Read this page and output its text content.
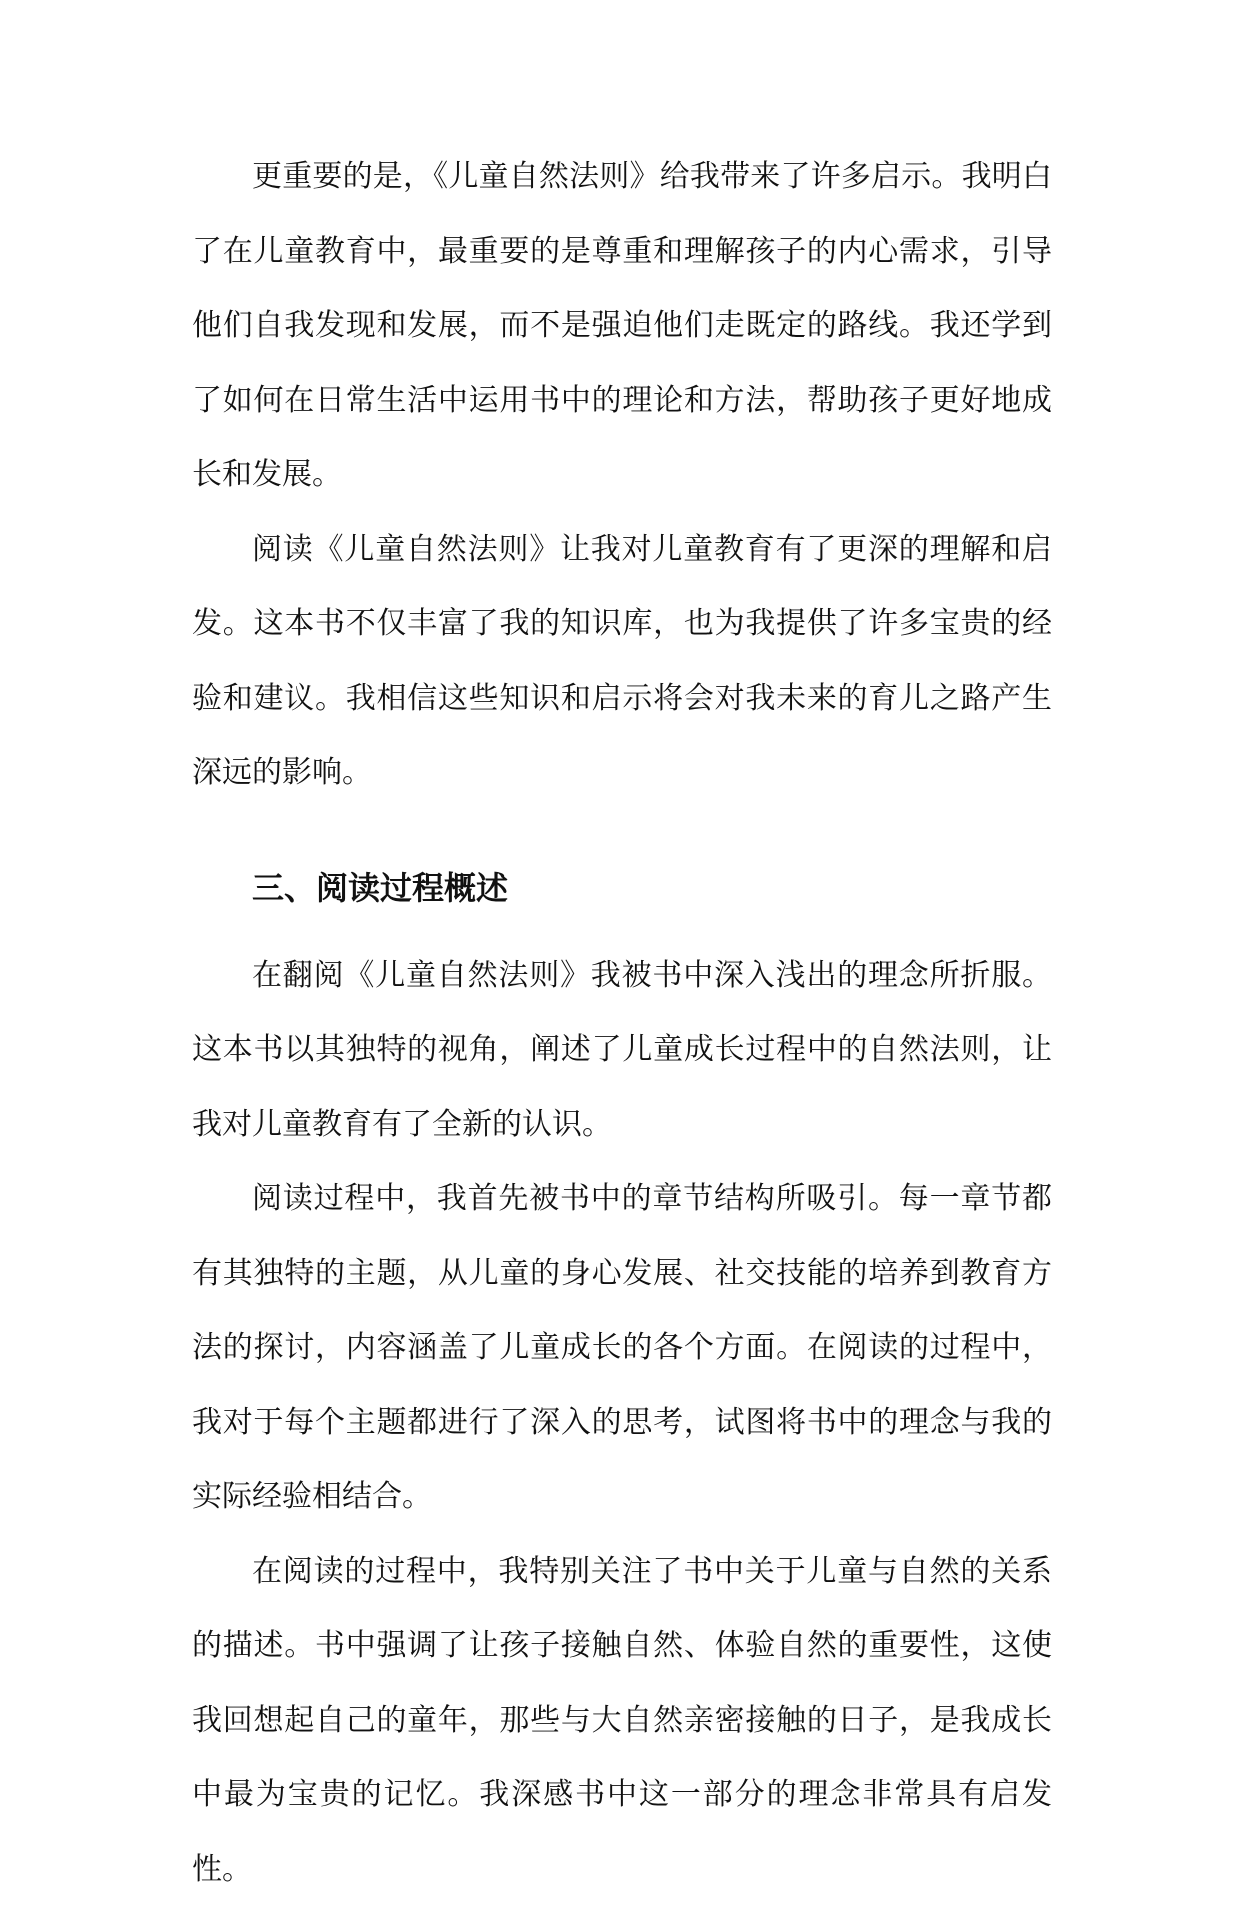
更重要的是，《儿童自然法则》给我带来了许多启示。我明白了在儿童教育中，最重要的是尊重和理解孩子的内心需求，引导他们自我发现和发展，而不是强迫他们走既定的路线。我还学到了如何在日常生活中运用书中的理论和方法，帮助孩子更好地成长和发展。

阅读《儿童自然法则》让我对儿童教育有了更深的理解和启发。这本书不仅丰富了我的知识库，也为我提供了许多宝贵的经验和建议。我相信这些知识和启示将会对我未来的育儿之路产生深远的影响。

三、阅读过程概述

在翻阅《儿童自然法则》我被书中深入浅出的理念所折服。这本书以其独特的视角，阐述了儿童成长过程中的自然法则，让我对儿童教育有了全新的认识。

阅读过程中，我首先被书中的章节结构所吸引。每一章节都有其独特的主题，从儿童的身心发展、社交技能的培养到教育方法的探讨，内容涵盖了儿童成长的各个方面。在阅读的过程中，我对于每个主题都进行了深入的思考，试图将书中的理念与我的实际经验相结合。

在阅读的过程中，我特别关注了书中关于儿童与自然的关系的描述。书中强调了让孩子接触自然、体验自然的重要性，这使我回想起自己的童年，那些与大自然亲密接触的日子，是我成长中最为宝贵的记忆。我深感书中这一部分的理念非常具有启发性。
